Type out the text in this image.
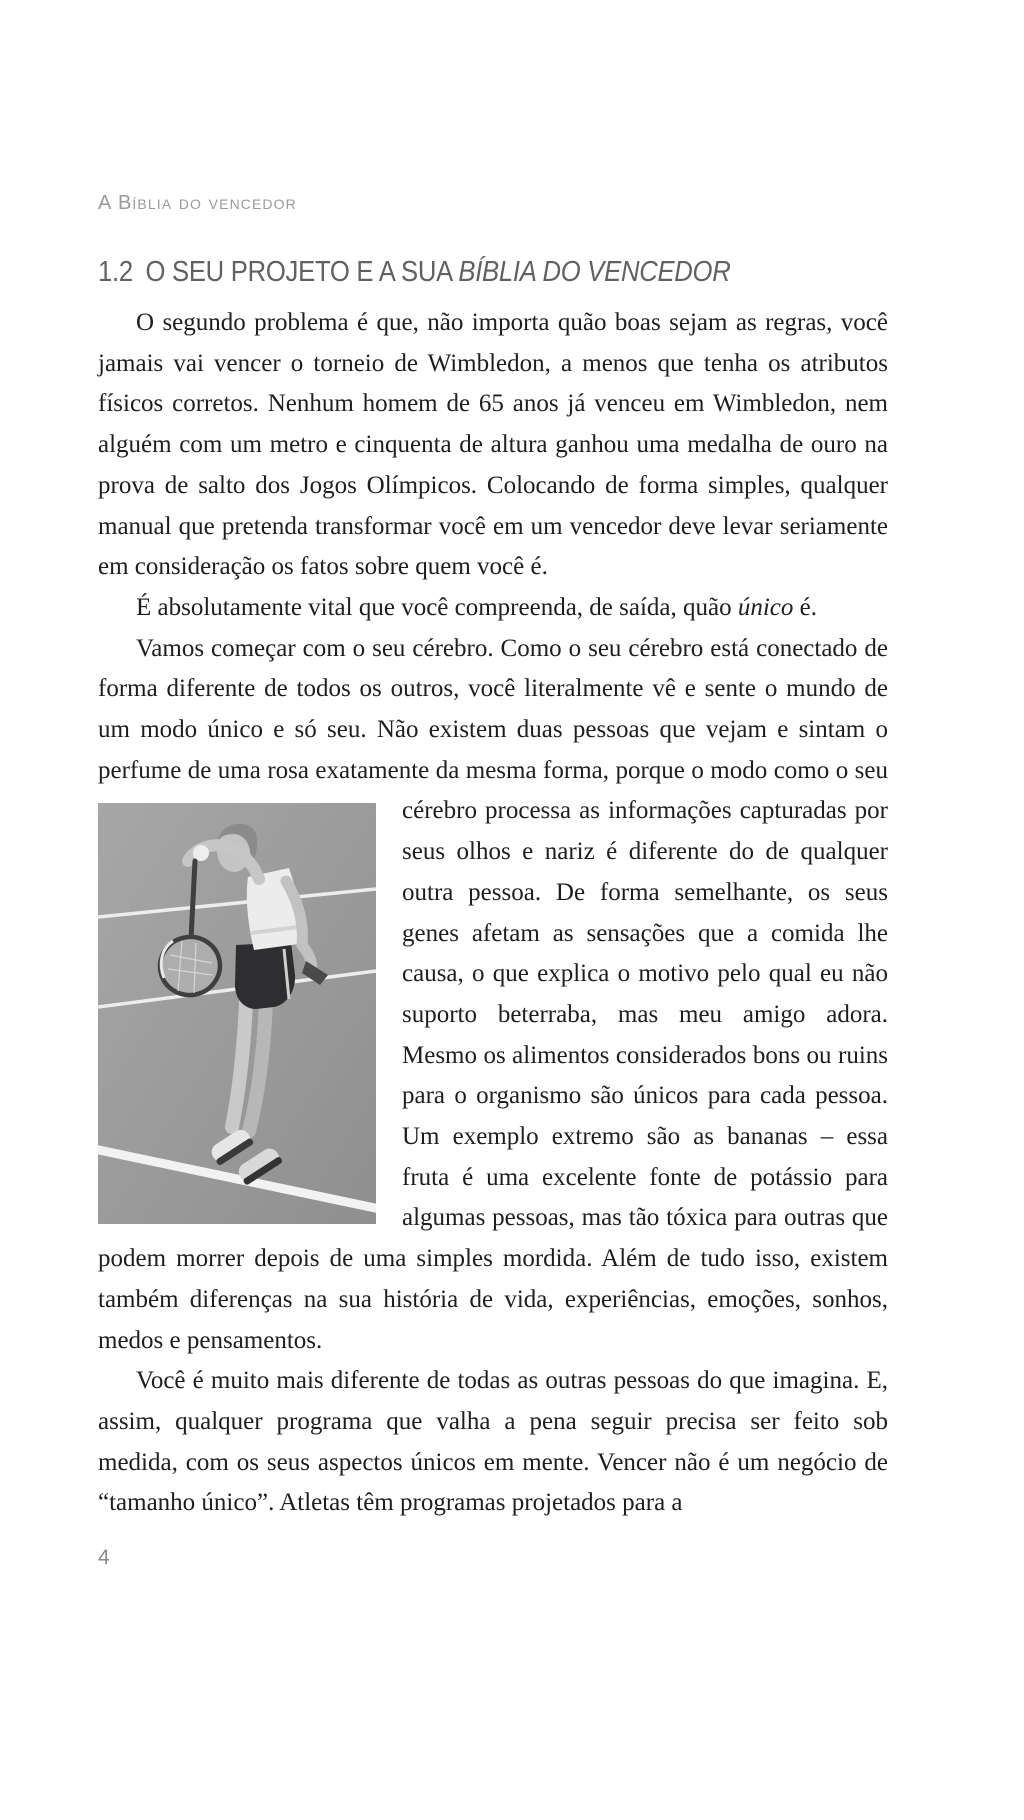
A Bíblia do vencedor
1.2 O SEU PROJETO E A SUA BÍBLIA DO VENCEDOR

O segundo problema é que, não importa quão boas sejam as regras, você jamais vai vencer o torneio de Wimbledon, a menos que tenha os atributos físicos corretos. Nenhum homem de 65 anos já venceu em Wimbledon, nem alguém com um metro e cinquenta de altura ganhou uma medalha de ouro na prova de salto dos Jogos Olímpicos. Colocando de forma simples, qualquer manual que pretenda transformar você em um vencedor deve levar seriamente em consideração os fatos sobre quem você é.

É absolutamente vital que você compreenda, de saída, quão único é.

Vamos começar com o seu cérebro. Como o seu cérebro está conectado de forma diferente de todos os outros, você literalmente vê e sente o mundo de um modo único e só seu. Não existem duas pessoas que vejam e sintam o perfume de uma rosa exatamente da mesma forma,
porque o modo como o seu cérebro processa as informações capturadas por seus olhos e nariz é diferente do de qualquer outra pessoa. De forma semelhante, os seus genes afetam as sensações que a comida lhe causa, o que explica o motivo pelo qual eu não suporto beterraba, mas meu amigo adora. Mesmo os alimentos considerados bons ou ruins para o organismo são únicos para cada pessoa. Um exemplo extremo são as bananas – essa fruta é uma excelente fonte de potássio para algumas pessoas, mas tão tóxica para outras que podem morrer depois de uma simples mordida. Além de tudo isso, existem também diferenças na sua história de vida, experiências, emoções, sonhos, medos e pensamentos.

Você é muito mais diferente de todas as outras pessoas do que imagina. E, assim, qualquer programa que valha a pena seguir precisa ser feito sob medida, com os seus aspectos únicos em mente. Vencer não é um negócio de “tamanho único”. Atletas têm programas projetados para a

4
